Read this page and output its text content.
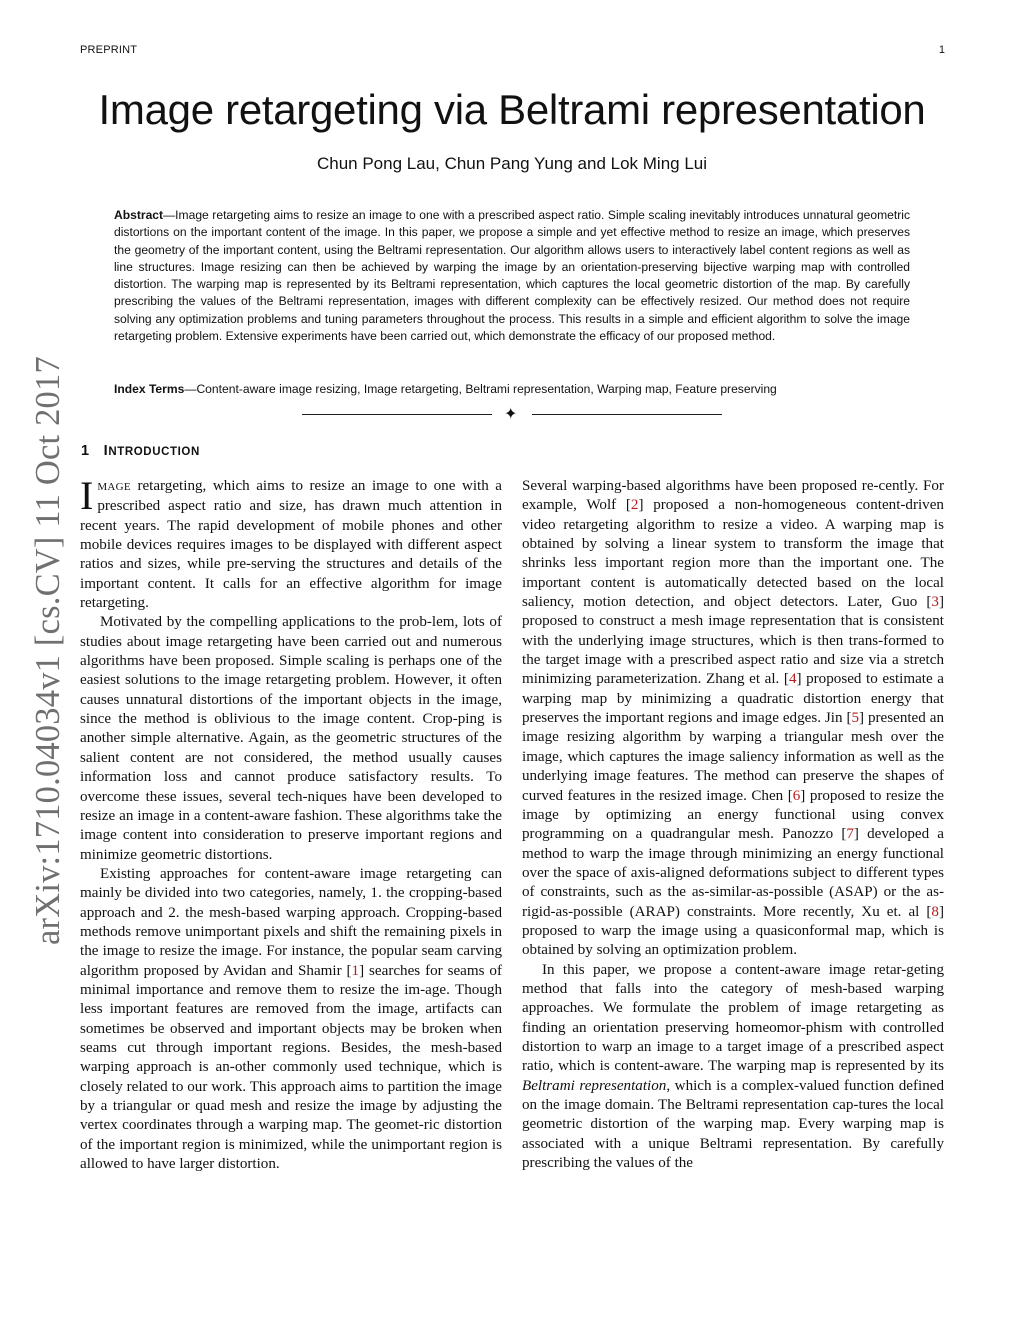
PREPRINT	1
Image retargeting via Beltrami representation
Chun Pong Lau, Chun Pang Yung and Lok Ming Lui

Abstract—Image retargeting aims to resize an image to one with a prescribed aspect ratio. Simple scaling inevitably introduces unnatural geometric distortions on the important content of the image. In this paper, we propose a simple and yet effective method to resize an image, which preserves the geometry of the important content, using the Beltrami representation. Our algorithm allows users to interactively label content regions as well as line structures. Image resizing can then be achieved by warping the image by an orientation-preserving bijective warping map with controlled distortion. The warping map is represented by its Beltrami representation, which captures the local geometric distortion of the map. By carefully prescribing the values of the Beltrami representation, images with different complexity can be effectively resized. Our method does not require solving any optimization problems and tuning parameters throughout the process. This results in a simple and efficient algorithm to solve the image retargeting problem. Extensive experiments have been carried out, which demonstrate the efficacy of our proposed method.

Index Terms—Content-aware image resizing, Image retargeting, Beltrami representation, Warping map, Feature preserving

✦
arXiv:1710.04034v1 [cs.CV] 11 Oct 2017 1 INTRODUCTION

IMAGE retargeting, which aims to resize an image to one with a prescribed aspect ratio and size, has drawn much attention in recent years. The rapid development of mobile phones and other mobile devices requires images to be displayed with different aspect ratios and sizes, while pre-serving the structures and details of the important content. It calls for an effective algorithm for image retargeting.

Motivated by the compelling applications to the prob-lem, lots of studies about image retargeting have been carried out and numerous algorithms have been proposed. Simple scaling is perhaps one of the easiest solutions to the image retargeting problem. However, it often causes unnatural distortions of the important objects in the image, since the method is oblivious to the image content. Crop-ping is another simple alternative. Again, as the geometric structures of the salient content are not considered, the method usually causes information loss and cannot produce satisfactory results. To overcome these issues, several tech-niques have been developed to resize an image in a content-aware fashion. These algorithms take the image content into consideration to preserve important regions and minimize geometric distortions.

Existing approaches for content-aware image retargeting can mainly be divided into two categories, namely, 1. the cropping-based approach and 2. the mesh-based warping approach. Cropping-based methods remove unimportant pixels and shift the remaining pixels in the image to resize the image. For instance, the popular seam carving algorithm proposed by Avidan and Shamir [1] searches for seams of minimal importance and remove them to resize the im-age. Though less important features are removed from the image, artifacts can sometimes be observed and important objects may be broken when seams cut through important regions. Besides, the mesh-based warping approach is an-other commonly used technique, which is closely related to our work. This approach aims to partition the image by a triangular or quad mesh and resize the image by adjusting the vertex coordinates through a warping map. The geomet-ric distortion of the important region is minimized, while the unimportant region is allowed to have larger distortion.

Several warping-based algorithms have been proposed re-cently. For example, Wolf [2] proposed a non-homogeneous content-driven video retargeting algorithm to resize a video. A warping map is obtained by solving a linear system to transform the image that shrinks less important region more than the important one. The important content is automatically detected based on the local saliency, motion detection, and object detectors. Later, Guo [3] proposed to construct a mesh image representation that is consistent with the underlying image structures, which is then trans-formed to the target image with a prescribed aspect ratio and size via a stretch minimizing parameterization. Zhang et al. [4] proposed to estimate a warping map by minimizing a quadratic distortion energy that preserves the important regions and image edges. Jin [5] presented an image resizing algorithm by warping a triangular mesh over the image, which captures the image saliency information as well as the underlying image features. The method can preserve the shapes of curved features in the resized image. Chen [6] proposed to resize the image by optimizing an energy functional using convex programming on a quadrangular mesh. Panozzo [7] developed a method to warp the image through minimizing an energy functional over the space of axis-aligned deformations subject to different types of constraints, such as the as-similar-as-possible (ASAP) or the as-rigid-as-possible (ARAP) constraints. More recently, Xu et. al [8] proposed to warp the image using a quasiconformal map, which is obtained by solving an optimization problem.

In this paper, we propose a content-aware image retar-geting method that falls into the category of mesh-based warping approaches. We formulate the problem of image retargeting as finding an orientation preserving homeomor-phism with controlled distortion to warp an image to a target image of a prescribed aspect ratio, which is content-aware. The warping map is represented by its Beltrami representation, which is a complex-valued function defined on the image domain. The Beltrami representation cap-tures the local geometric distortion of the warping map. Every warping map is associated with a unique Beltrami representation. By carefully prescribing the values of the
